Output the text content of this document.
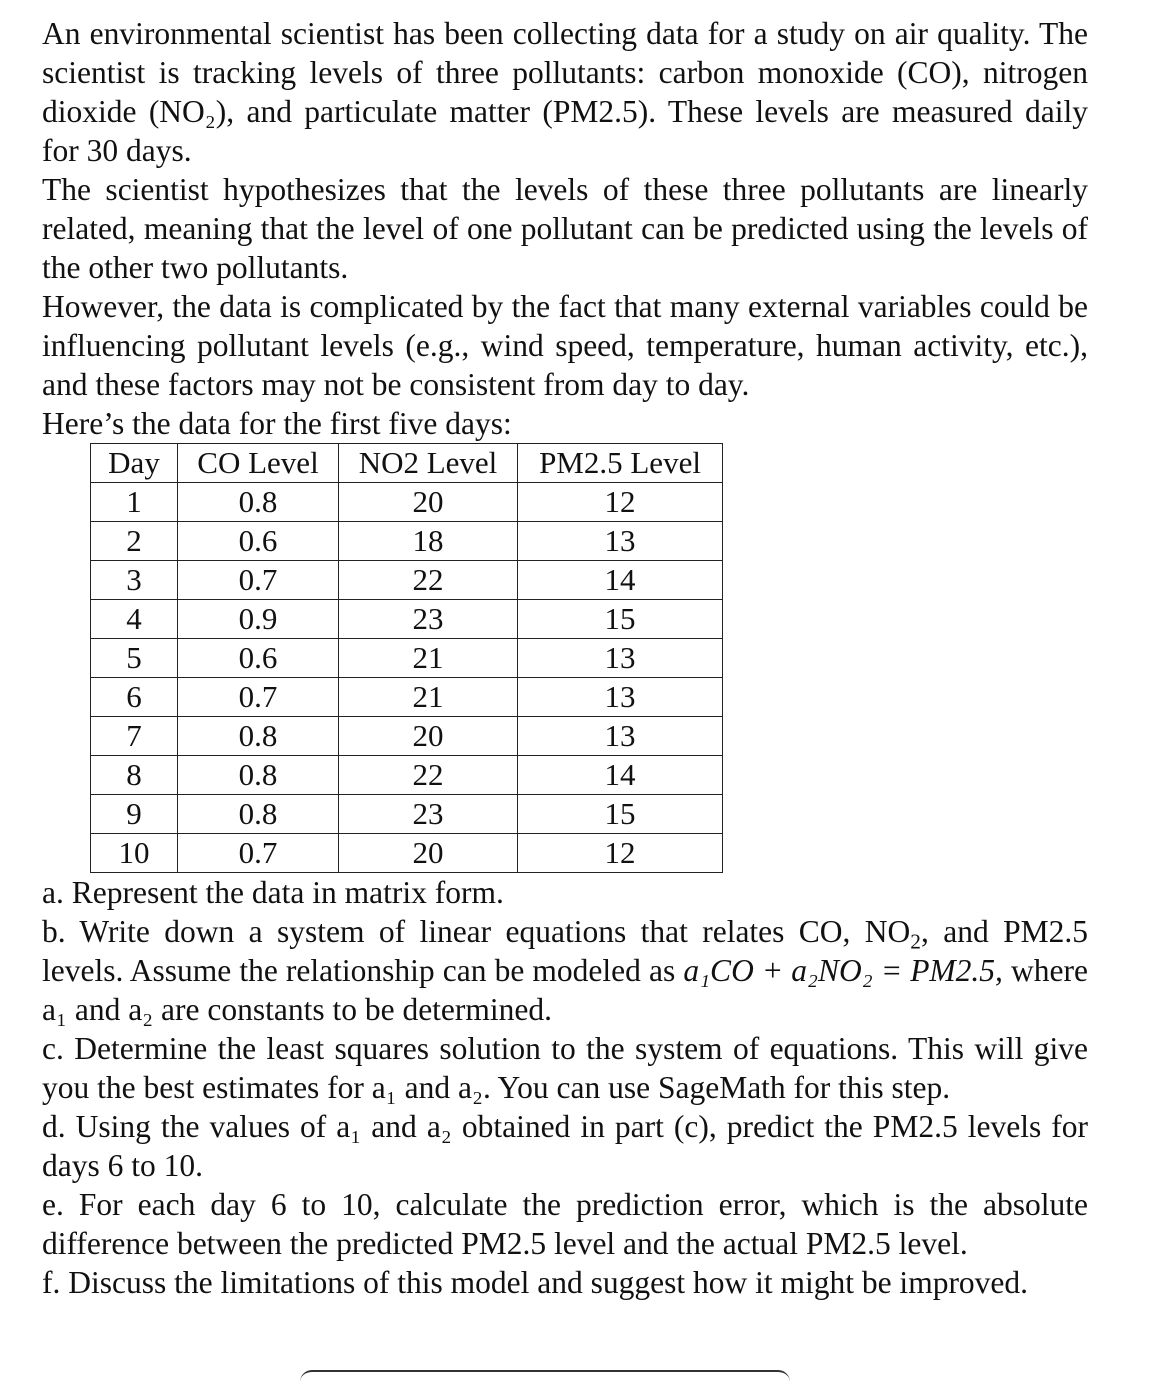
An environmental scientist has been collecting data for a study on air quality. The scientist is tracking levels of three pollutants: carbon monoxide (CO), nitrogen dioxide (NO₂), and particulate matter (PM2.5). These levels are measured daily for 30 days.

The scientist hypothesizes that the levels of these three pollutants are linearly related, meaning that the level of one pollutant can be predicted using the levels of the other two pollutants.

However, the data is complicated by the fact that many external variables could be influencing pollutant levels (e.g., wind speed, temperature, human activity, etc.), and these factors may not be consistent from day to day.

Here’s the data for the first five days:

Day	CO Level	NO2 Level	PM2.5 Level
1	0.8	20	12
2	0.6	18	13
3	0.7	22	14
4	0.9	23	15
5	0.6	21	13
6	0.7	21	13
7	0.8	20	13
8	0.8	22	14
9	0.8	23	15
10	0.7	20	12

a. Represent the data in matrix form.

b. Write down a system of linear equations that relates CO, $NO_2$, and PM2.5 levels. Assume the relationship can be modeled as a₁CO + a₂NO₂ = PM2.5, where a₁ and a₂ are constants to be determined.

c. Determine the least squares solution to the system of equations. This will give you the best estimates for a₁ and a₂. You can use SageMath for this step.

d. Using the values of a₁ and a₂ obtained in part (c), predict the PM2.5 levels for days 6 to 10.

e. For each day 6 to 10, calculate the prediction error, which is the absolute difference between the predicted PM2.5 level and the actual PM2.5 level.

f. Discuss the limitations of this model and suggest how it might be improved.
